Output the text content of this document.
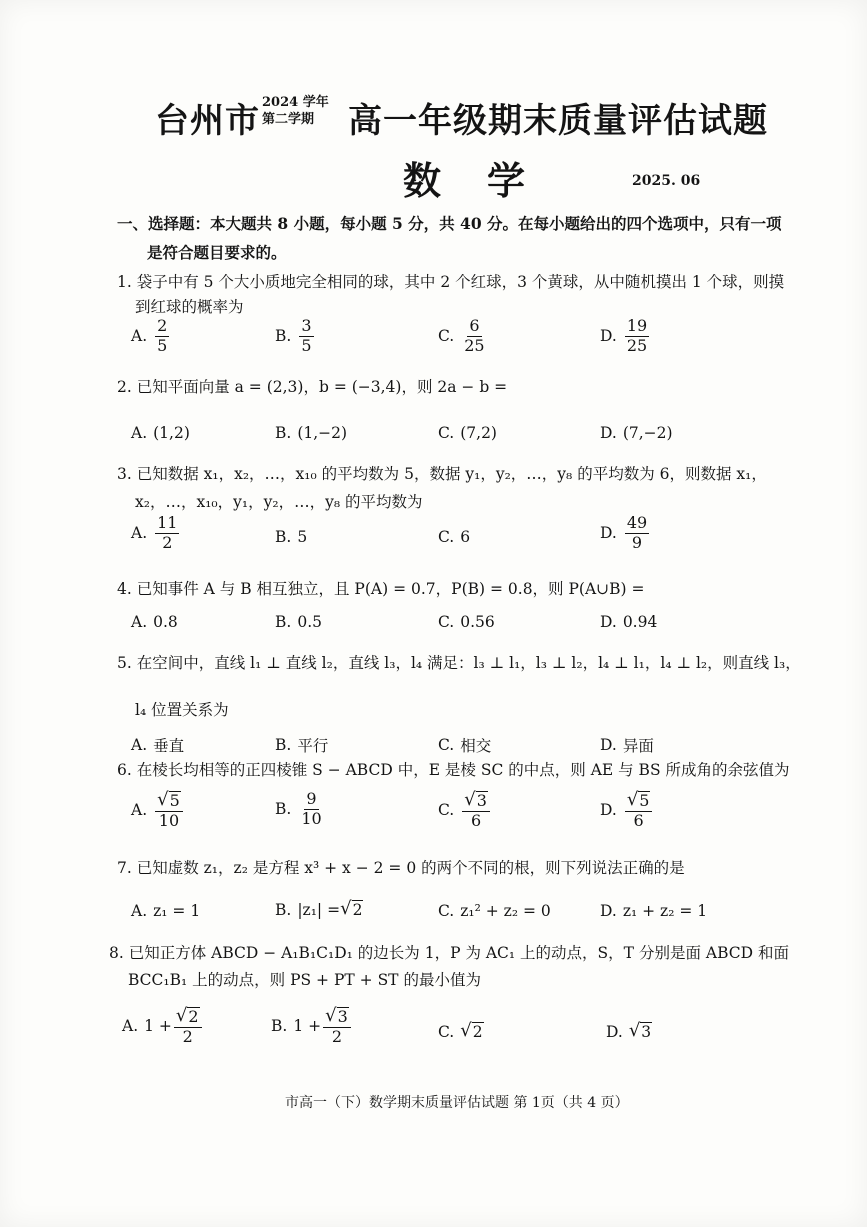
台州市 2024 学年
第二学期 高一年级期末质量评估试题
数学	2025. 06
一、选择题：本大题共 8 小题，每小题 5 分，共 40 分。在每小题给出的四个选项中，只有一项
是符合题目要求的。
1. 袋子中有 5 个大小质地完全相同的球，其中 2 个红球，3 个黄球，从中随机摸出 1 个球，则摸
到红球的概率为
A. $\frac{2}{5}$	B. $\frac{3}{5}$	C. $\frac{6}{25}$	D. $\frac{19}{25}$
2. 已知平面向量 a = (2,3)，b = (−3,4)，则 2a − b =
A. (1,2)	B. (1,−2)	C. (7,2)	D. (7,−2)
3. 已知数据 x₁，x₂，…，x₁₀ 的平均数为 5，数据 y₁，y₂，…，y₈ 的平均数为 6，则数据 x₁，
x₂，…，x₁₀，y₁，y₂，…，y₈ 的平均数为
A. $\frac{11}{2}$	B. 5	C. 6	D. $\frac{49}{9}$
4. 已知事件 A 与 B 相互独立，且 P(A) = 0.7，P(B) = 0.8，则 P(A∪B) =
A. 0.8	B. 0.5	C. 0.56	D. 0.94
5. 在空间中，直线 l₁ ⊥ 直线 l₂，直线 l₃，l₄ 满足：l₃ ⊥ l₁，l₃ ⊥ l₂，l₄ ⊥ l₁，l₄ ⊥ l₂，则直线 l₃，
l₄ 位置关系为
A. 垂直	B. 平行	C. 相交	D. 异面
6. 在棱长均相等的正四棱锥 S − ABCD 中，E 是棱 SC 的中点，则 AE 与 BS 所成角的余弦值为
A. $\frac{√ 5}{10}$	B. $\frac{9}{10}$	C. $\frac{√ 3}{6}$	D. $\frac{√ 5}{6}$
7. 已知虚数 z₁，z₂ 是方程 x³ + x − 2 = 0 的两个不同的根，则下列说法正确的是
A. z₁ = 1	B. |z₁| = √ 2	C. z₁² + z₂ = 0	D. z₁ + z₂ = 1
8. 已知正方体 ABCD − A₁B₁C₁D₁ 的边长为 1，P 为 AC₁ 上的动点，S，T 分别是面 ABCD 和面
BCC₁B₁ 上的动点，则 PS + PT + ST 的最小值为
A. $1 + \frac{√ 2}{2}$	B. $1 + \frac{√ 3}{2}$	C. √ 2	D. √ 3
市高一（下）数学期末质量评估试题 第 1页（共 4 页）
